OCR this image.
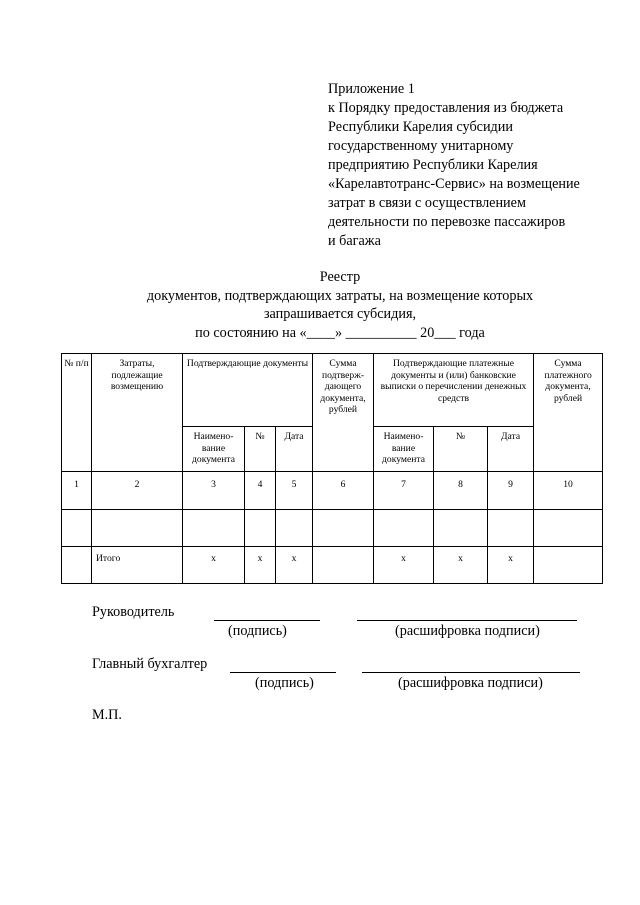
Приложение 1
к Порядку предоставления из бюджета
Республики Карелия субсидии
государственному унитарному
предприятию Республики Карелия
«Карелавтотранс-Сервис» на возмещение
затрат в связи с осуществлением
деятельности по перевозке пассажиров
и багажа
Реестр
документов, подтверждающих затраты, на возмещение которых
запрашивается субсидия,
по состоянию на «____» __________ 20___ года
№ п/п	Затраты, подлежащие возмещению	Подтверждающие документы			Сумма подтверж-дающего документа, рублей	Подтверждающие платежные документы и (или) банковские выписки о перечислении денежных средств			Суммa платежного документа, рублей
		Наимено-вание документа	№	Дата		Наимено-вание документа	№	Дата	
1	2	3	4	5	6	7	8	9	10

	Итого	x	x	x		x	x	x	
Руководитель
(подпись)	(расшифровка подписи)
Главный бухгалтер
(подпись)	(расшифровка подписи)
М.П.
